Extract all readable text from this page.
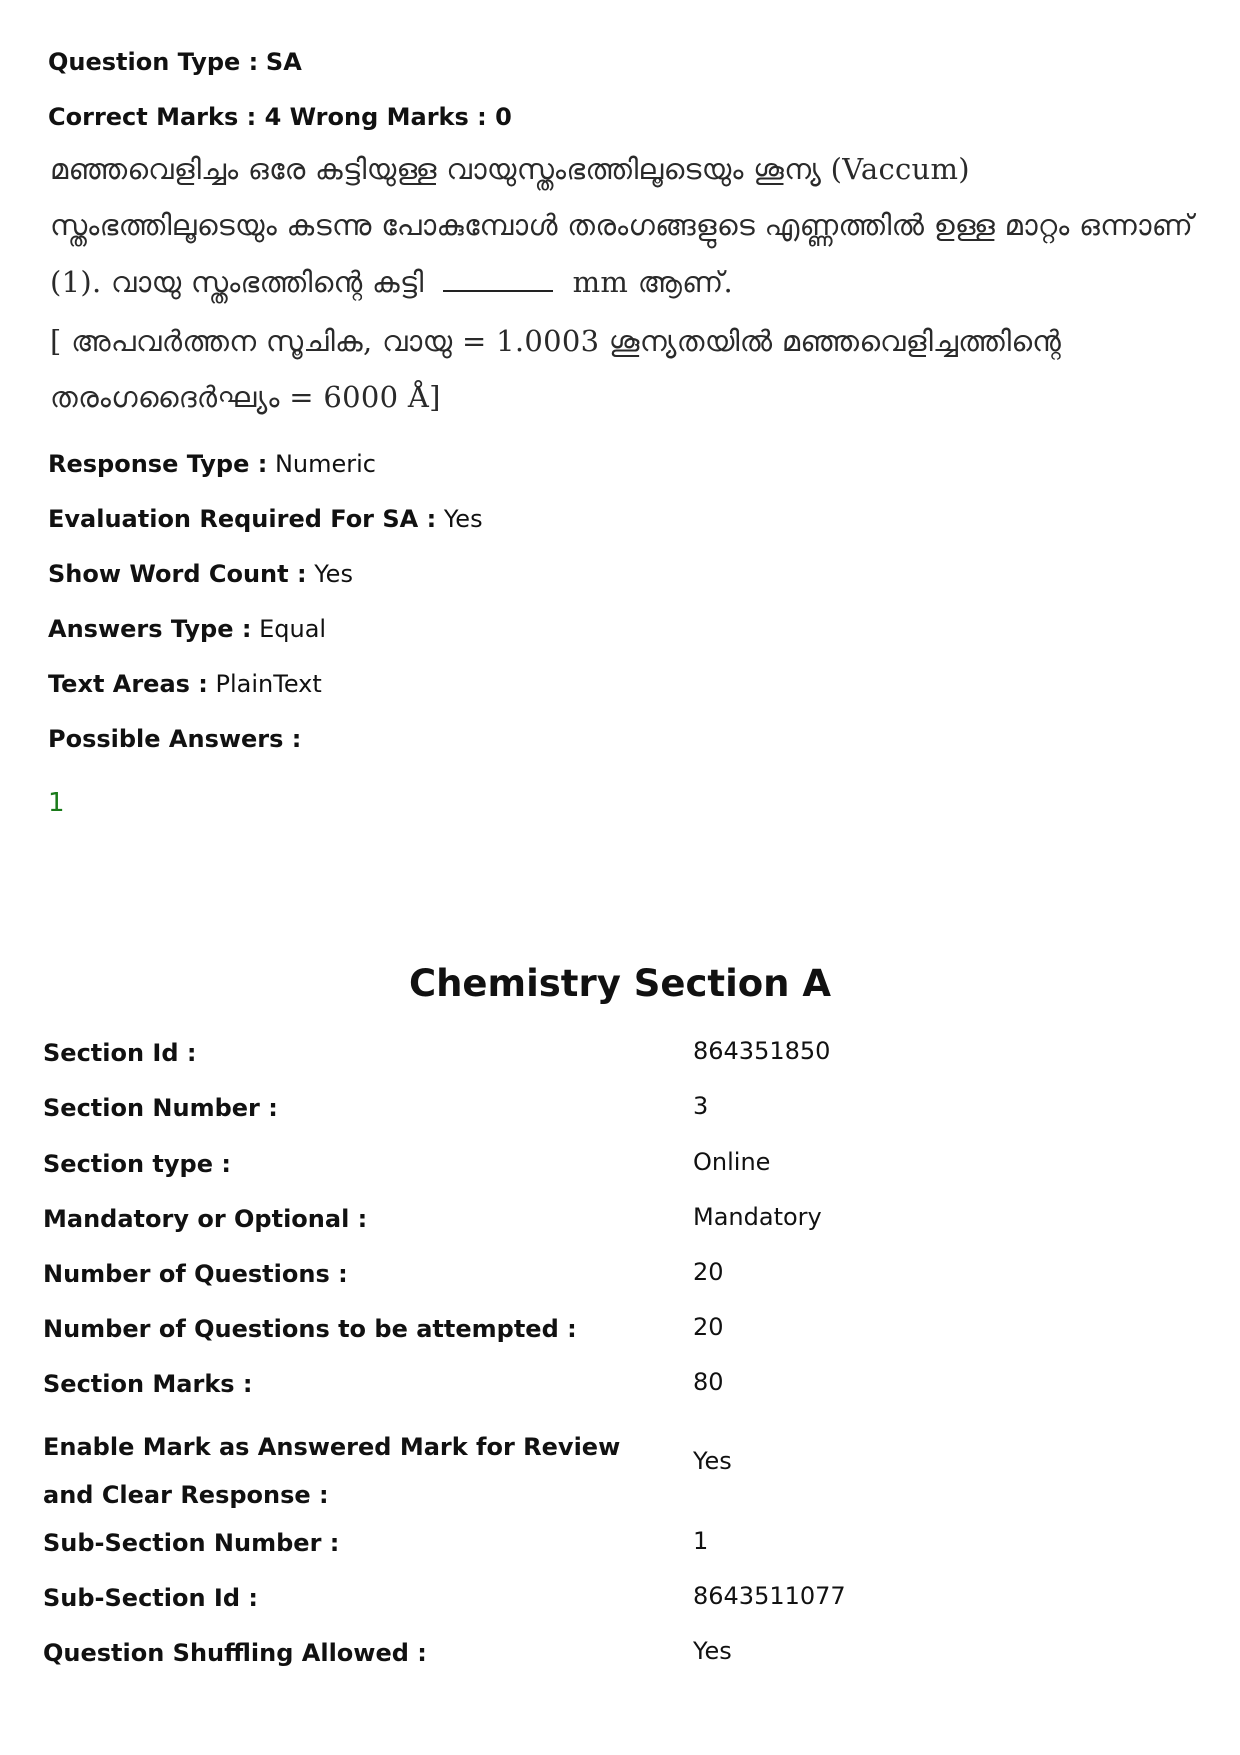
Question Type : SA
Correct Marks : 4 Wrong Marks : 0
മഞ്ഞവെളിച്ചം ഒരേ കട്ടിയുള്ള വായുസ്തംഭത്തിലൂടെയും ശൂന്യ (Vaccum)
സ്തംഭത്തിലൂടെയും കടന്നു പോകുമ്പോൾ തരംഗങ്ങളുടെ എണ്ണത്തിൽ ഉള്ള മാറ്റം ഒന്നാണ്
(1). വായു സ്തംഭത്തിന്റെ കട്ടി	mm ആണ്.
[ അപവർത്തന സൂചിക, വായു = 1.0003 ശൂന്യതയിൽ മഞ്ഞവെളിച്ചത്തിന്റെ
തരംഗദൈർഘ്യം = 6000 Å]
Response Type : Numeric
Evaluation Required For SA : Yes
Show Word Count : Yes
Answers Type : Equal
Text Areas : PlainText
Possible Answers :
1
Chemistry Section A
Section Id :	864351850
Section Number :	3
Section type :	Online
Mandatory or Optional :	Mandatory
Number of Questions :	20
Number of Questions to be attempted :	20
Section Marks :	80
Enable Mark as Answered Mark for Review and Clear Response :
Yes
Sub-Section Number :	1
Sub-Section Id :	8643511077
Question Shuffling Allowed :	Yes
